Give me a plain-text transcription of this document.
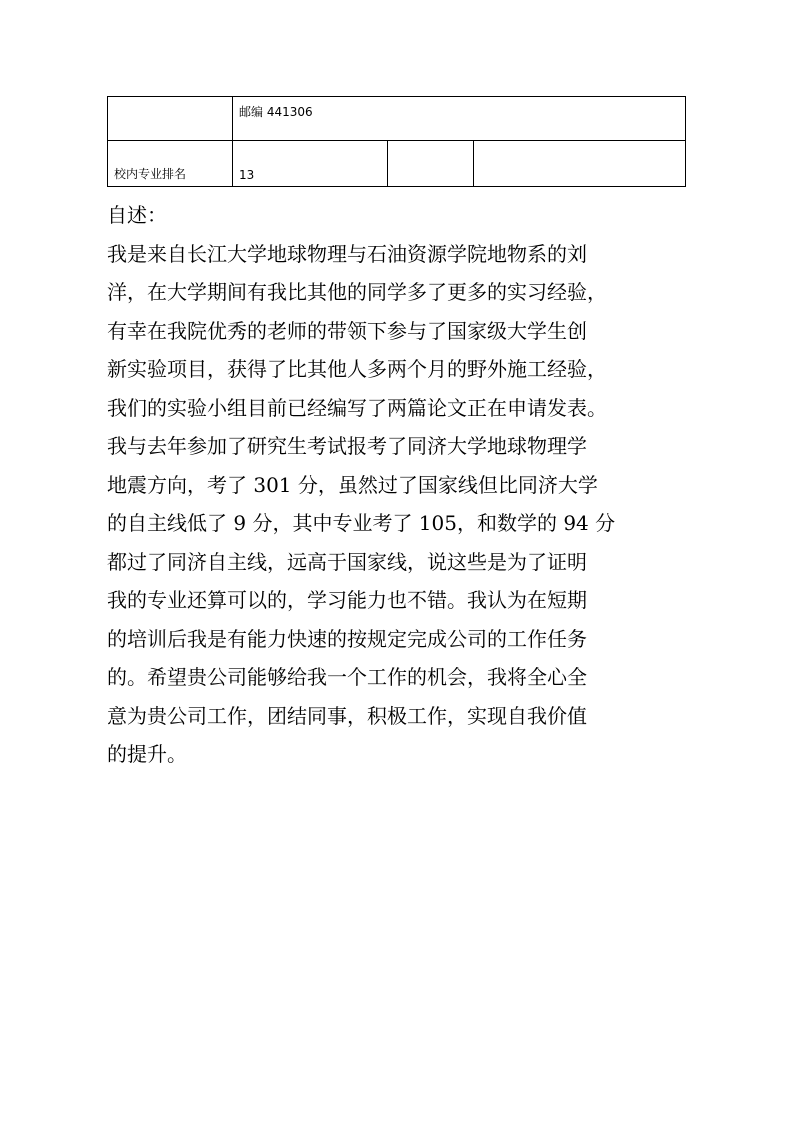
	邮编 441306		
校内专业排名	13		
自述：
我是来自长江大学地球物理与石油资源学院地物系的刘
洋，在大学期间有我比其他的同学多了更多的实习经验，
有幸在我院优秀的老师的带领下参与了国家级大学生创
新实验项目，获得了比其他人多两个月的野外施工经验，
我们的实验小组目前已经编写了两篇论文正在申请发表。
我与去年参加了研究生考试报考了同济大学地球物理学
地震方向，考了 301 分，虽然过了国家线但比同济大学
的自主线低了 9 分，其中专业考了 105，和数学的 94 分
都过了同济自主线，远高于国家线，说这些是为了证明
我的专业还算可以的，学习能力也不错。我认为在短期
的培训后我是有能力快速的按规定完成公司的工作任务
的。希望贵公司能够给我一个工作的机会，我将全心全
意为贵公司工作，团结同事，积极工作，实现自我价值
的提升。
